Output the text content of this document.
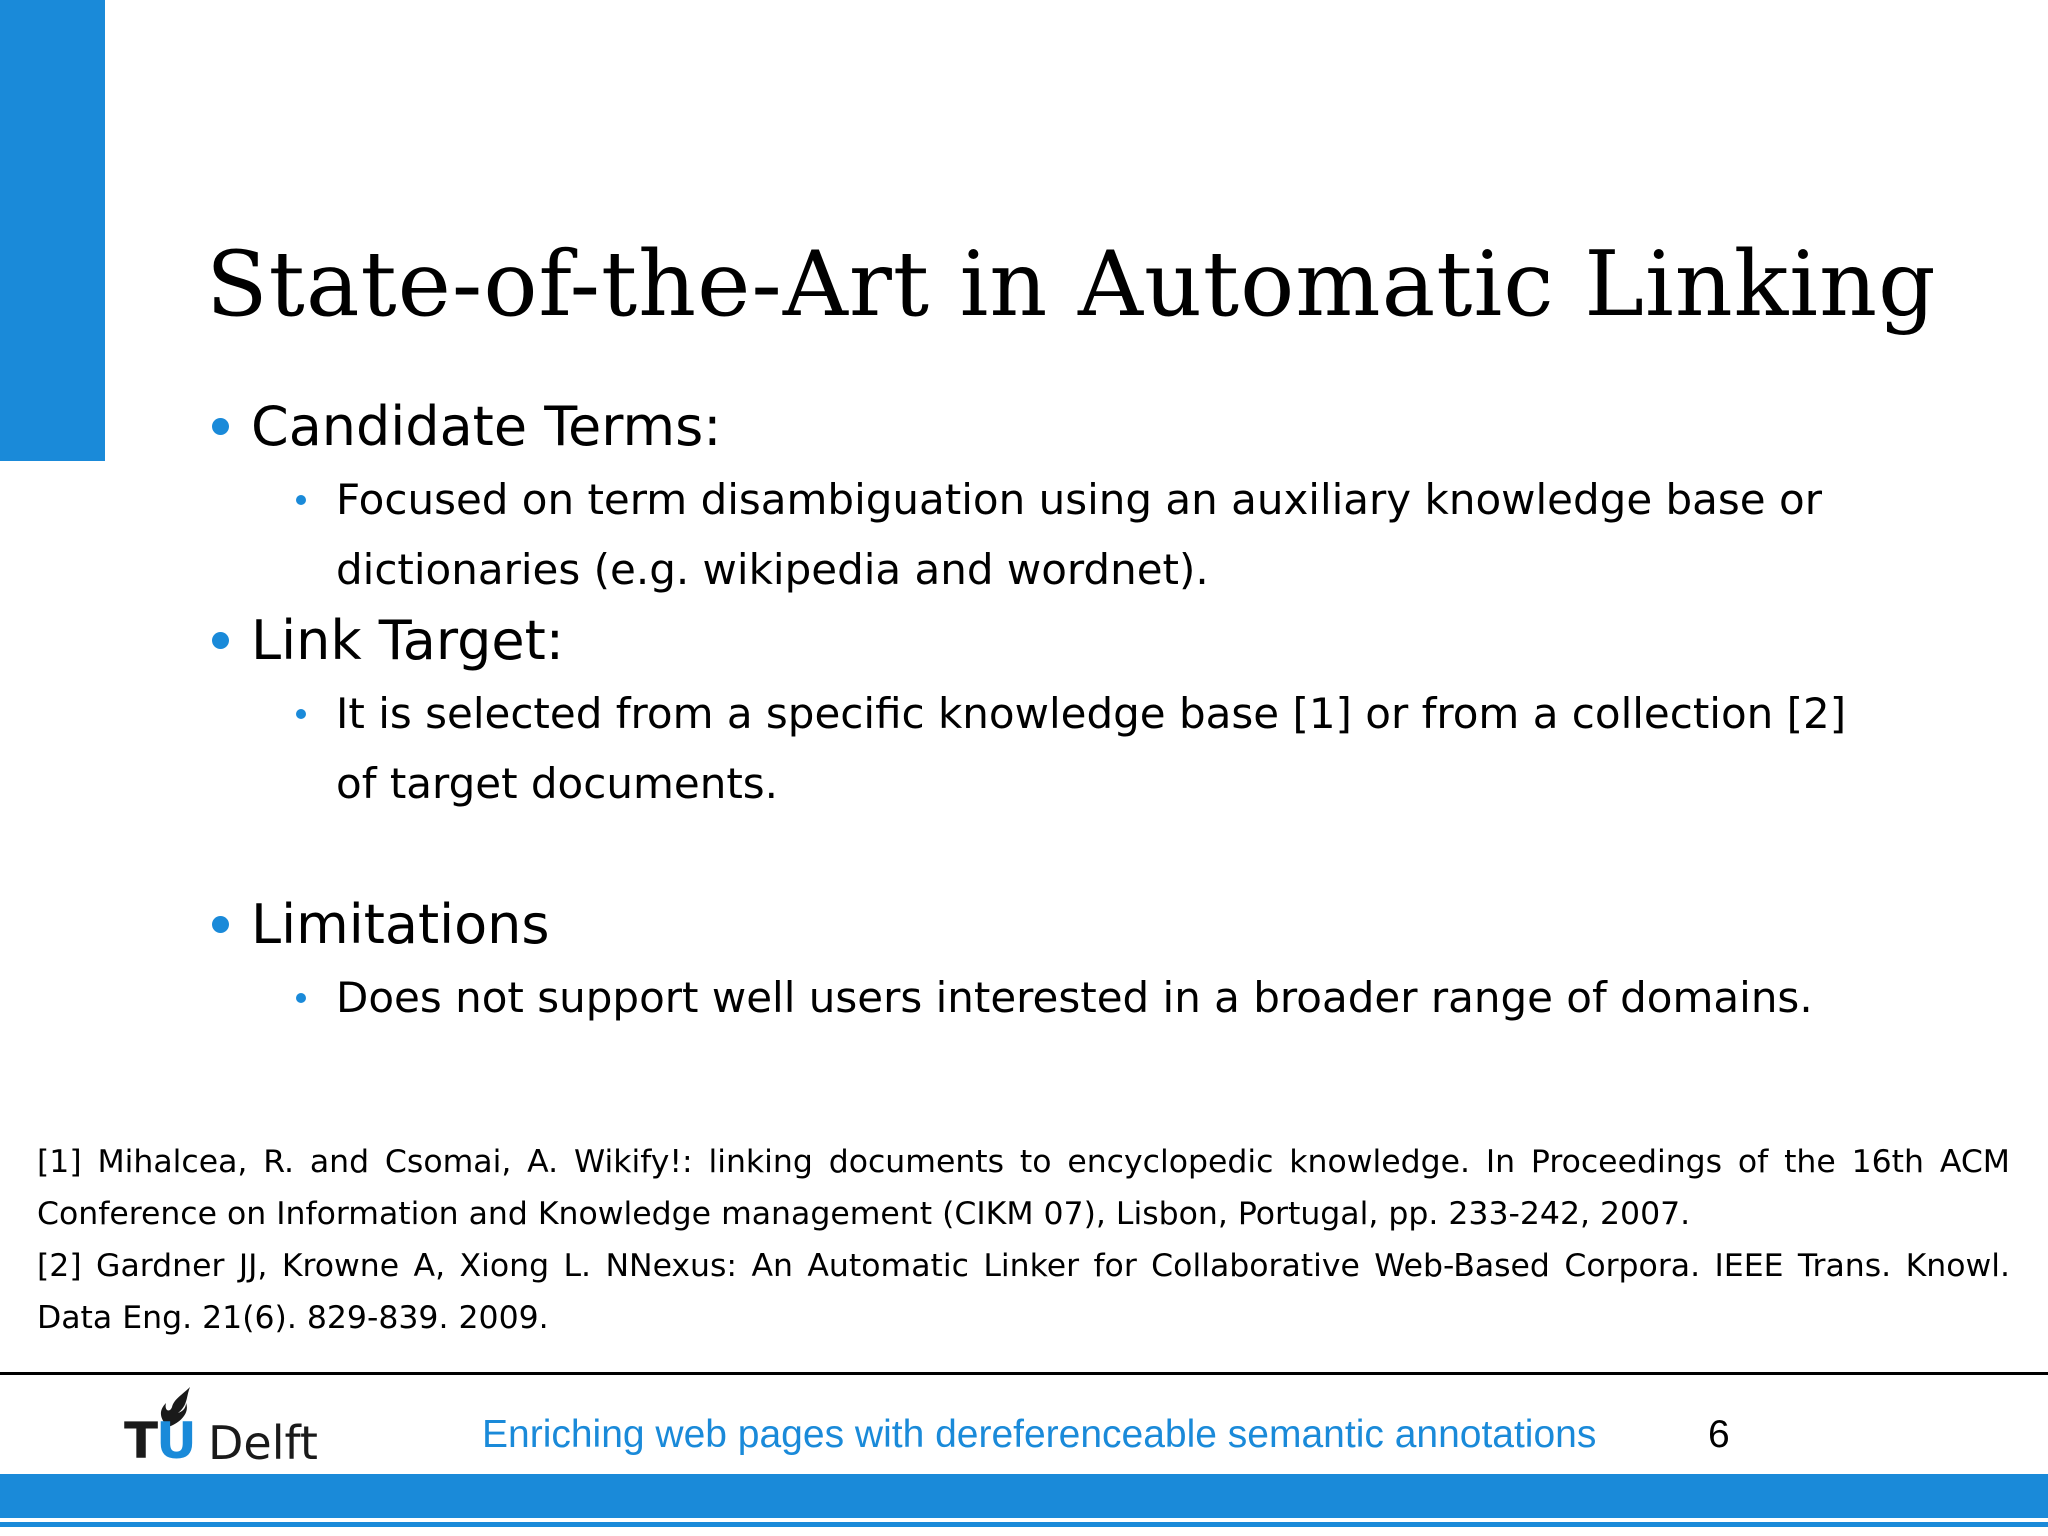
State-of-the-Art in Automatic Linking

Candidate Terms:

Focused on term disambiguation using an auxiliary knowledge base or dictionaries (e.g. wikipedia and wordnet).

Link Target:

It is selected from a specific knowledge base [1] or from a collection [2] of target documents.

Limitations

Does not support well users interested in a broader range of domains.

[1] Mihalcea, R. and Csomai, A. Wikify!: linking documents to encyclopedic knowledge. In Proceedings of the 16th ACM Conference on Information and Knowledge management (CIKM 07), Lisbon, Portugal, pp. 233-242, 2007.

[2] Gardner JJ, Krowne A, Xiong L. NNexus: An Automatic Linker for Collaborative Web-Based Corpora. IEEE Trans. Knowl. Data Eng. 21(6). 829-839. 2009.

TU Delft	Enriching web pages with dereferenceable semantic annotations	6
